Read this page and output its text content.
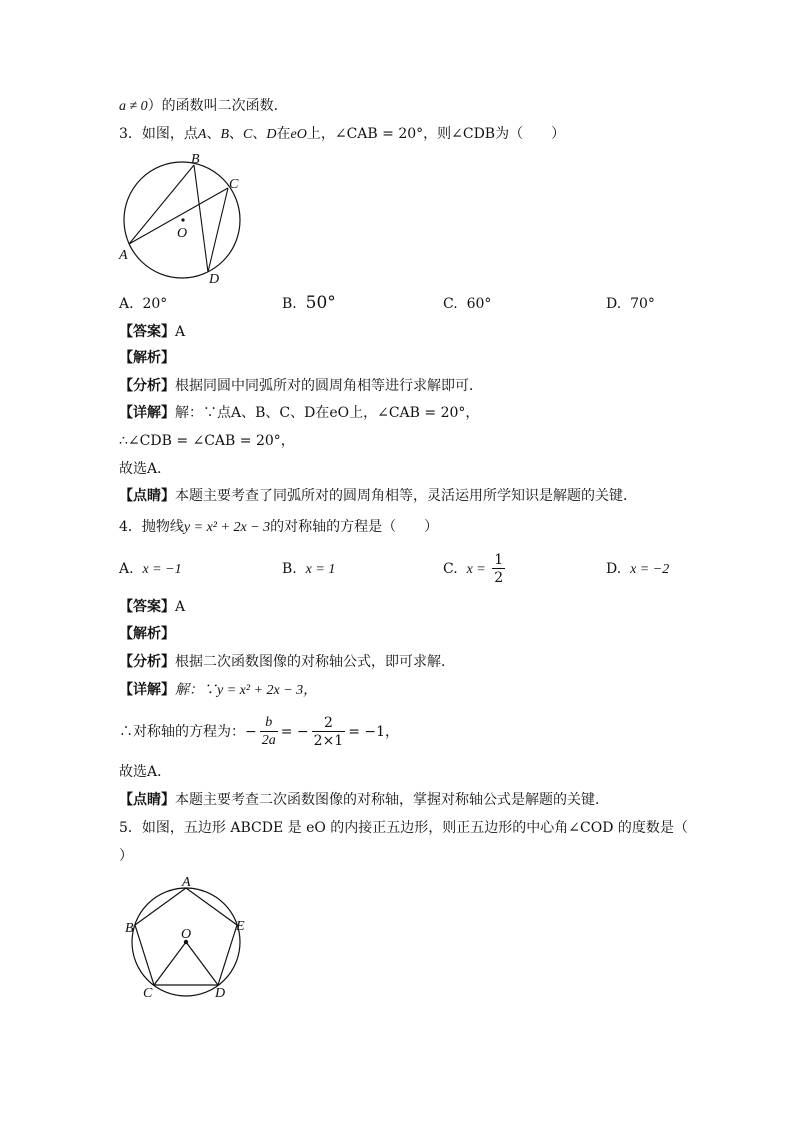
a ≠ 0）的函数叫二次函数．
3．如图，点A、B、C、D在eO上，∠CAB = 20°，则∠CDB为（　　）
B
C
O
A
D
A. 20°	B. 50°	C. 60°	D. 70°
【答案】A
【解析】
【分析】根据同圆中同弧所对的圆周角相等进行求解即可．
【详解】解：∵点A、B、C、D在eO上，∠CAB = 20°，
∴∠CDB = ∠CAB = 20°，
故选A．
【点睛】本题主要考查了同弧所对的圆周角相等，灵活运用所学知识是解题的关键．
4．抛物线y = x² + 2x − 3的对称轴的方程是（　　）
A. x = −1	B. x = 1	C. $x = \frac{1}{2}$	D. x = −2
【答案】A
【解析】
【分析】根据二次函数图像的对称轴公式，即可求解．
【详解】解：∵y = x² + 2x − 3，
∴对称轴的方程为：− $\frac{b}{2a}$ = − $\frac{2}{2\times 1} = -1$，
故选A．
【点睛】本题主要考查二次函数图像的对称轴，掌握对称轴公式是解题的关键．
5．如图，五边形 ABCDE 是 eO 的内接正五边形，则正五边形的中心角∠COD 的度数是（
）
A
B	E
O
C	D
